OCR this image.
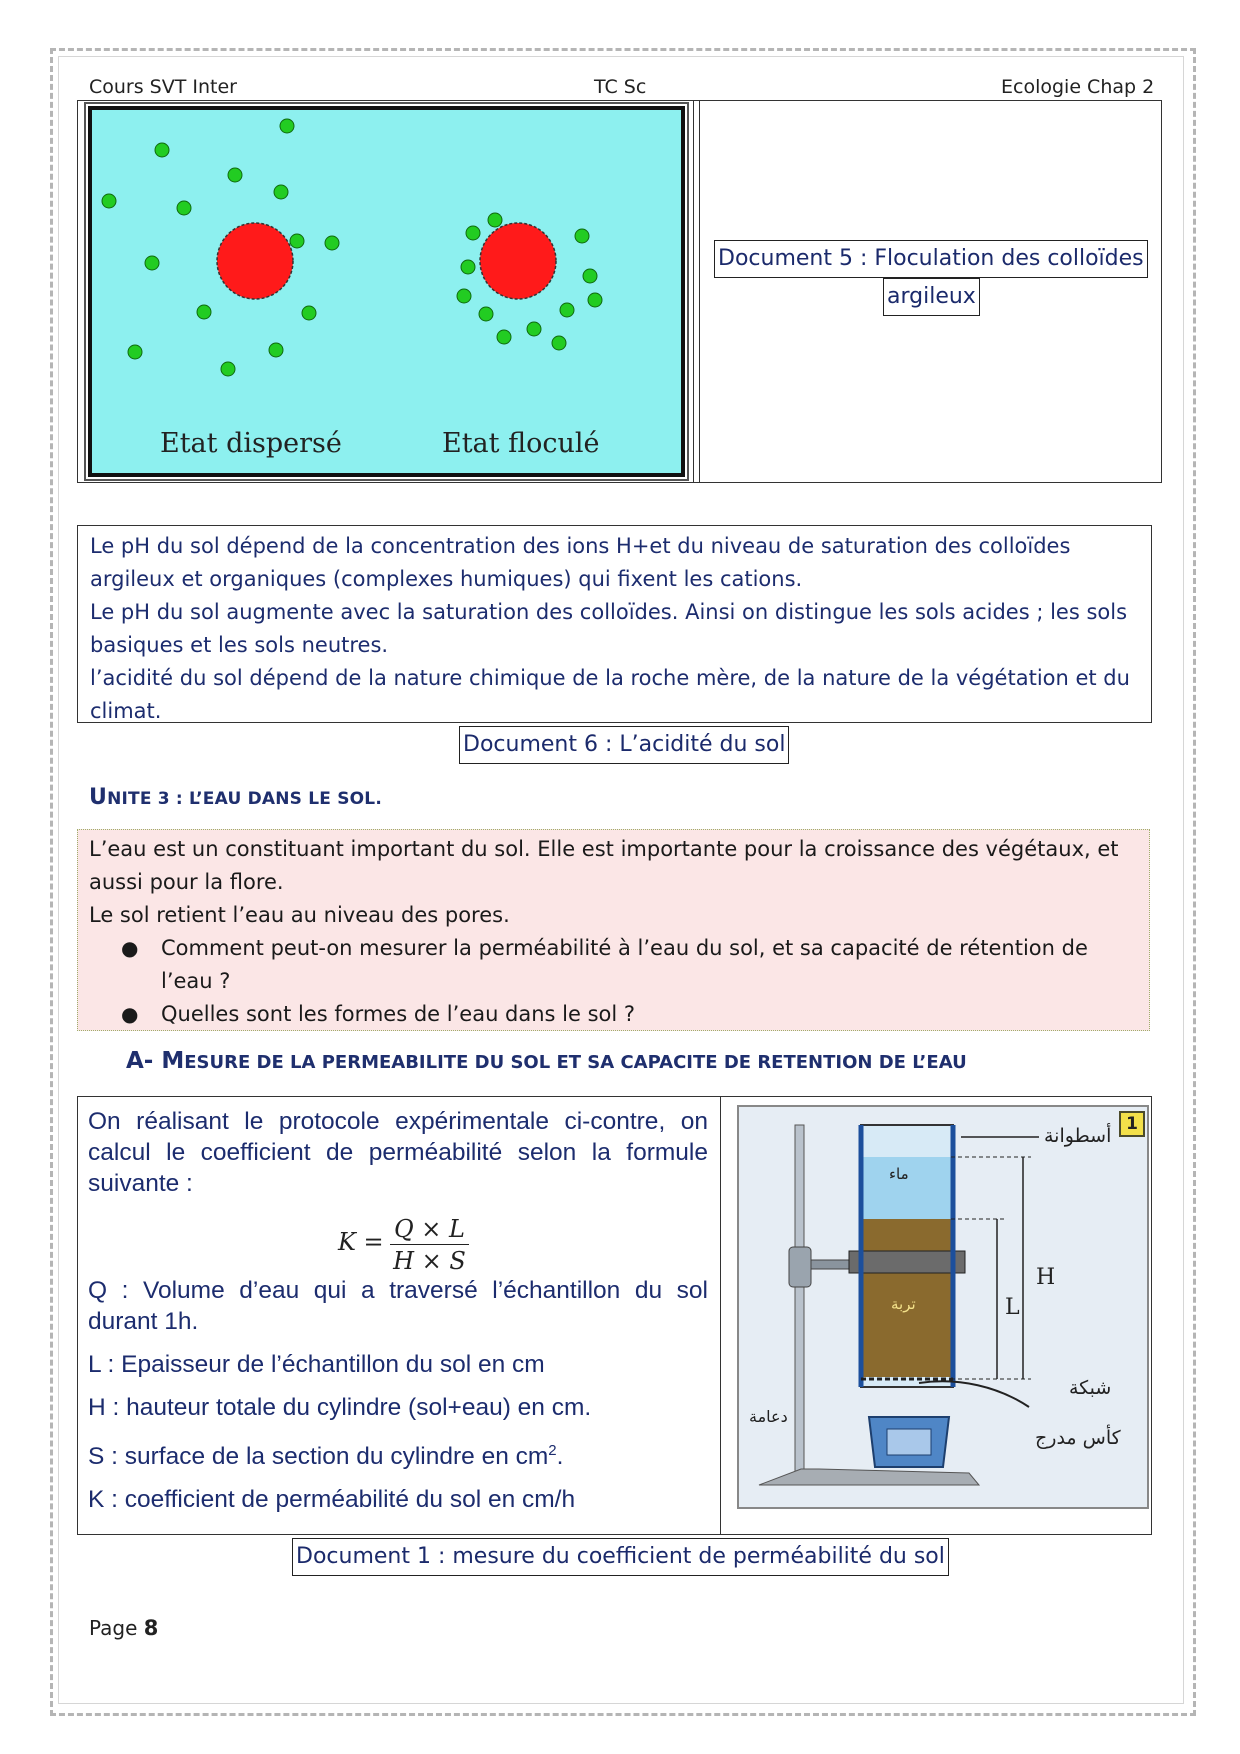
Cours SVT Inter	TC Sc	Ecologie Chap 2
Etat dispersé	Etat floculé
Document 5 : Floculation des colloïdes
argileux

Le pH du sol dépend de la concentration des ions H+et du niveau de saturation des colloïdes argileux et organiques (complexes humiques) qui fixent les cations.

Le pH du sol augmente avec la saturation des colloïdes. Ainsi on distingue les sols acides ; les sols basiques et les sols neutres.

l’acidité du sol dépend de la nature chimique de la roche mère, de la nature de la végétation et du climat.

Document 6 : L’acidité du sol
UNITE 3 : L’EAU DANS LE SOL.

L’eau est un constituant important du sol. Elle est importante pour la croissance des végétaux, et aussi pour la flore.

Le sol retient l’eau au niveau des pores.

● Comment peut-on mesurer la perméabilité à l’eau du sol, et sa capacité de rétention de l’eau ?
● Quelles sont les formes de l’eau dans le sol ?
A- MESURE DE LA PERMEABILITE DU SOL ET SA CAPACITE DE RETENTION DE L’EAU

On réalisant le protocole expérimentale ci-contre, on calcul le coefficient de perméabilité selon la formule suivante :

Q : Volume d’eau qui a traversé l’échantillon du sol durant 1h.

L : Epaisseur de l’échantillon du sol en cm

H : hauteur totale du cylindre (sol+eau) en cm.

S : surface de la section du cylindre en $cm^2$.

K : coefficient de perméabilité du sol en cm/h

$K = \frac{Q \times L}{H \times S}$
1
أسطوانة
ماء
تربة
H
L
شبكة
دعامة
كأس مدرج
Document 1 : mesure du coefficient de perméabilité du sol
Page 8
